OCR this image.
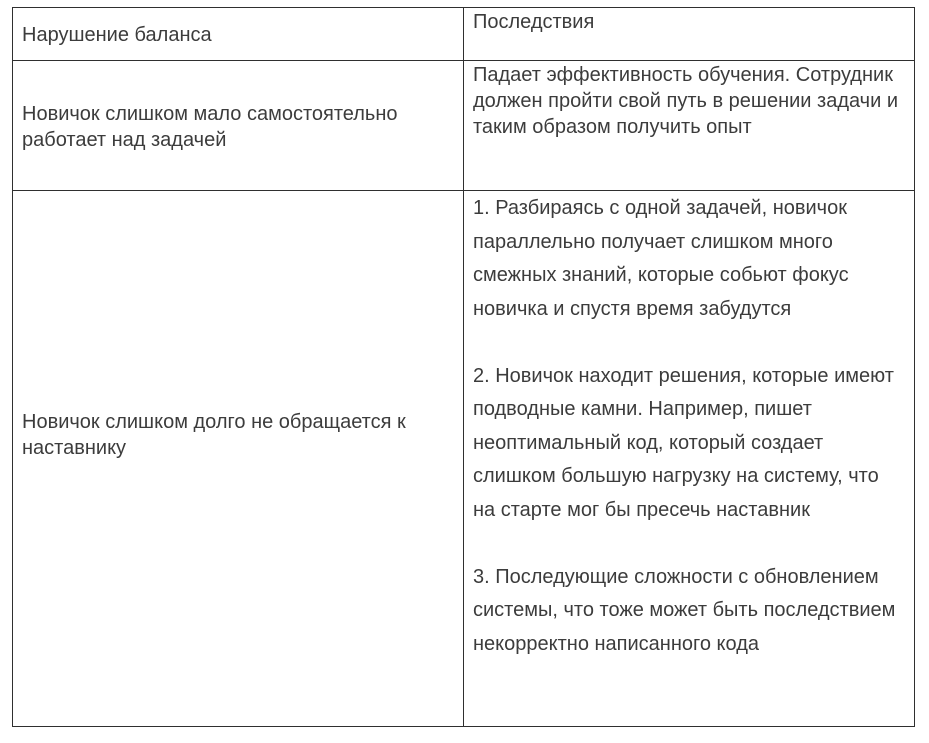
Нарушение баланса
Последствия

Новичок слишком мало самостоятельно работает над задачей

Падает эффективность обучения. Сотрудник должен пройти свой путь в решении задачи и таким образом получить опыт

Новичок слишком долго не обращается к наставнику

1. Разбираясь с одной задачей, новичок параллельно получает слишком много смежных знаний, которые собьют фокус новичка и спустя время забудутся

2. Новичок находит решения, которые имеют подводные камни. Например, пишет неоптимальный код, который создает слишком большую нагрузку на систему, что на старте мог бы пресечь наставник

3. Последующие сложности с обновлением системы, что тоже может быть последствием некорректно написанного кода
